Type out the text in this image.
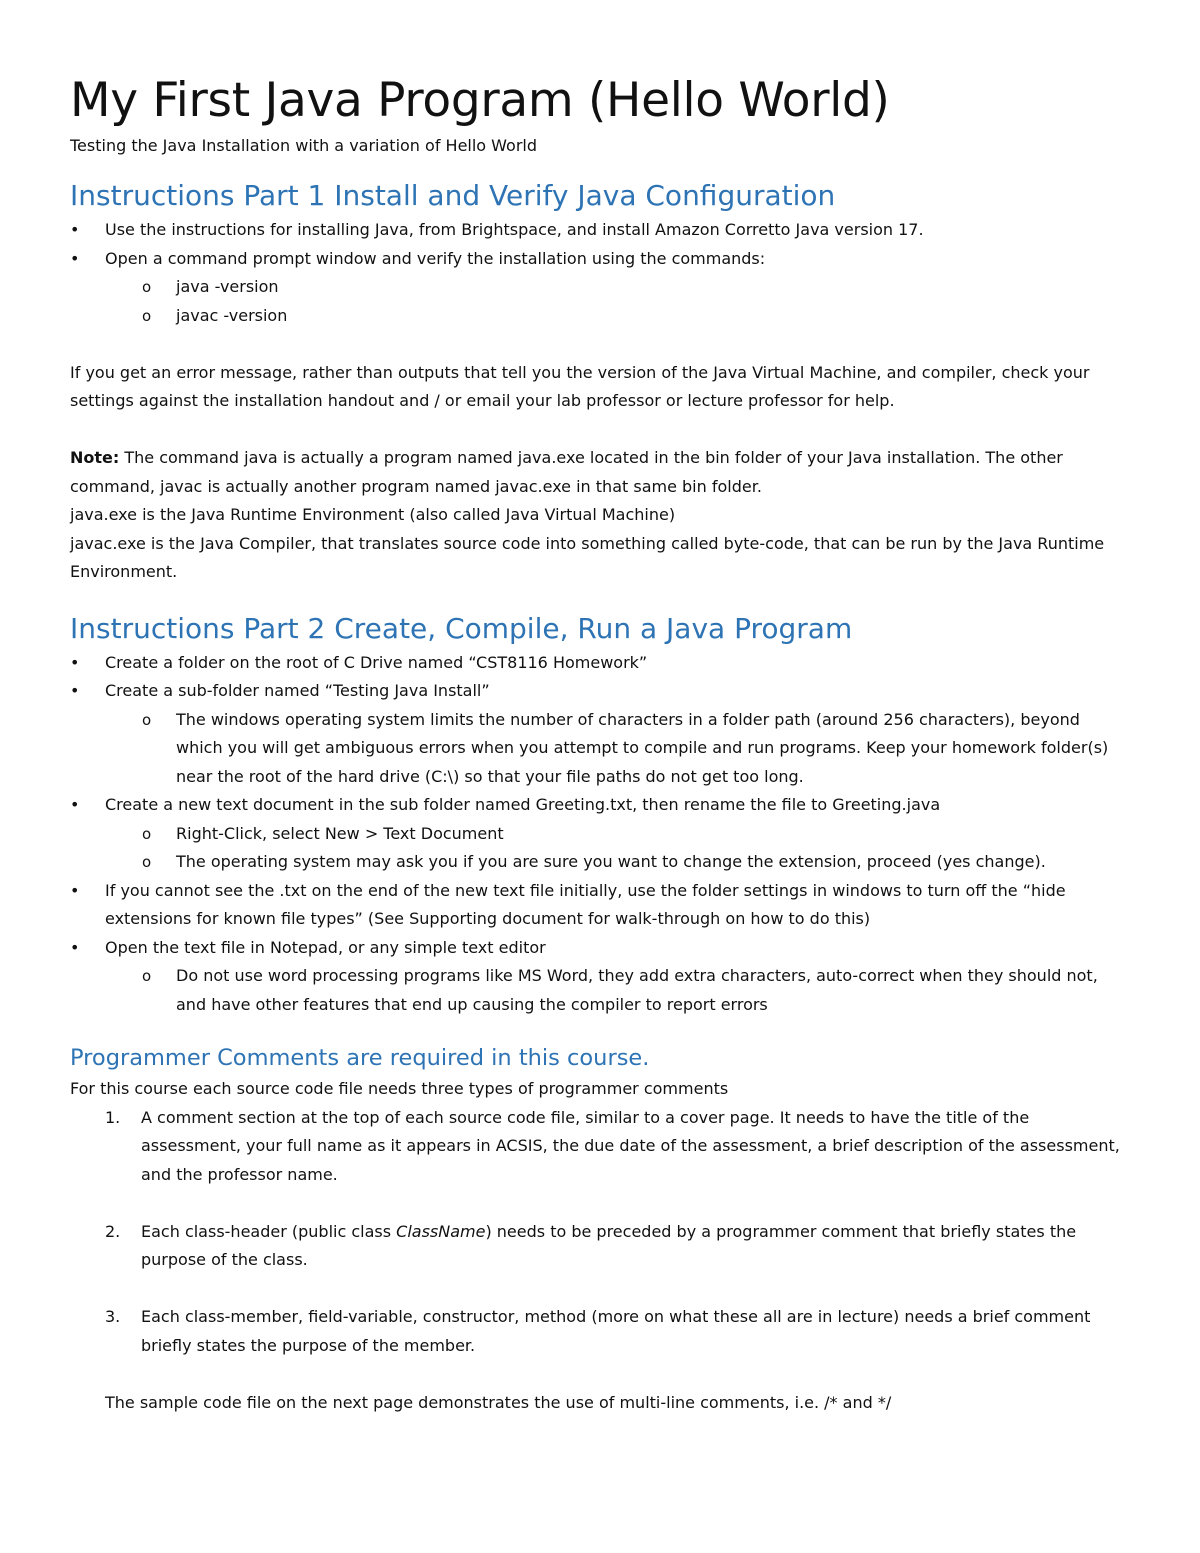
My First Java Program (Hello World)

Testing the Java Installation with a variation of Hello World

Instructions Part 1 Install and Verify Java Configuration
•	Use the instructions for installing Java, from Brightspace, and install Amazon Corretto Java version 17.
•	Open a command prompt window and verify the installation using the commands:
o java -version
o javac -version

If you get an error message, rather than outputs that tell you the version of the Java Virtual Machine, and compiler, check your settings against the installation handout and / or email your lab professor or lecture professor for help.

Note: The command java is actually a program named java.exe located in the bin folder of your Java installation. The other command, javac is actually another program named javac.exe in that same bin folder.

java.exe is the Java Runtime Environment (also called Java Virtual Machine)

javac.exe is the Java Compiler, that translates source code into something called byte-code, that can be run by the Java Runtime Environment.

Instructions Part 2 Create, Compile, Run a Java Program
•	Create a folder on the root of C Drive named “CST8116 Homework”
•	Create a sub-folder named “Testing Java Install”
o The windows operating system limits the number of characters in a folder path (around 256 characters), beyond which you will get ambiguous errors when you attempt to compile and run programs. Keep your homework folder(s) near the root of the hard drive (C:\) so that your file paths do not get too long.
•	Create a new text document in the sub folder named Greeting.txt, then rename the file to Greeting.java
o Right-Click, select New > Text Document
o The operating system may ask you if you are sure you want to change the extension, proceed (yes change).
•	If you cannot see the .txt on the end of the new text file initially, use the folder settings in windows to turn off the “hide extensions for known file types” (See Supporting document for walk-through on how to do this)
•	Open the text file in Notepad, or any simple text editor
o Do not use word processing programs like MS Word, they add extra characters, auto-correct when they should not, and have other features that end up causing the compiler to report errors
Programmer Comments are required in this course.

For this course each source code file needs three types of programmer comments

1. A comment section at the top of each source code file, similar to a cover page. It needs to have the title of the assessment, your full name as it appears in ACSIS, the due date of the assessment, a brief description of the assessment, and the professor name.
2. Each class-header (public class ClassName) needs to be preceded by a programmer comment that briefly states the purpose of the class.
3. Each class-member, field-variable, constructor, method (more on what these all are in lecture) needs a brief comment briefly states the purpose of the member.

The sample code file on the next page demonstrates the use of multi-line comments, i.e. /* and */
